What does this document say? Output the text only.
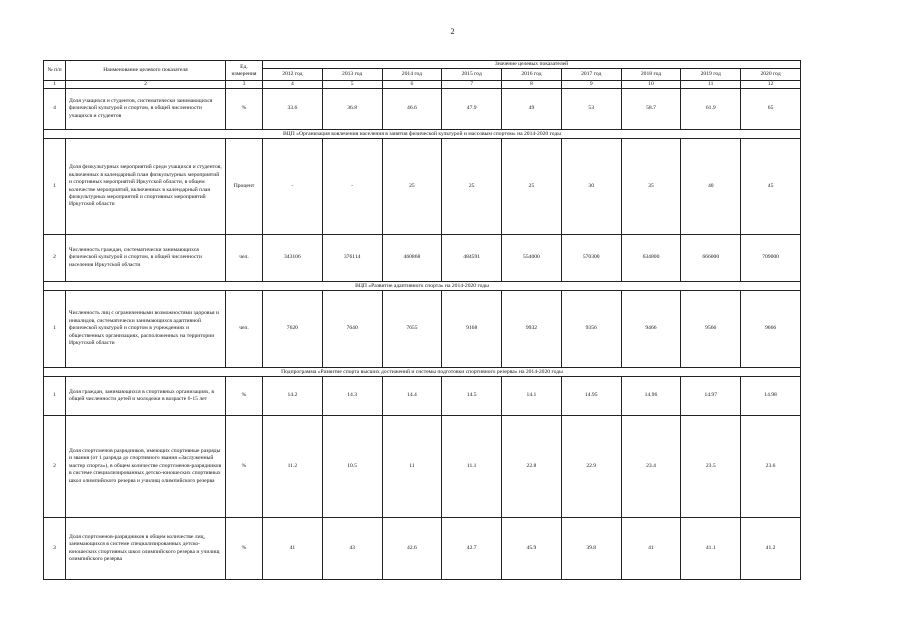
2
№ п/п	Наименование целевого показателя	Ед. измерения	Значение целевых показателей								
			2012 год	2013 год	2014 год	2015 год	2016 год	2017 год	2018 год	2019 год	2020 год
1	2	3	4	5	6	7	8	9	10	11	12
4	Доля учащихся и студентов, систематически занимающихся физической культурой и спортом, в общей численности учащихся и студентов	%	33.6	36.8	46.6	47.9	49	53	58.7	61.9	65
ВЦП «Организация вовлечения населения в занятия физической культурой и массовым спортом» на 2014-2020 годы											
1	Доля физкультурных мероприятий среди учащихся и студентов, включенных в календарный план физкультурных мероприятий и спортивных мероприятий Иркутской области, в общем количестве мероприятий, включенных в календарный план физкультурных мероприятий и спортивных мероприятий Иркутской области	Процент	-	-	25	25	25	30	35	40	45
2	Численность граждан, систематически занимающихся физической культурой и спортом, в общей численности населения Иркутской области	чел.	343106	376114	460868	484591	554000	570300	634800	666000	709000
ВЦП «Развитие адаптивного спорта» на 2014-2020 годы											
1	Численность лиц с ограниченными возможностями здоровья и инвалидов, систематически занимающихся адаптивной физической культурой и спортом в учреждениях и общественных организациях, расположенных на территории Иркутской области	чел.	7620	7640	7655	9168	9932	9356	9466	9566	9666
Подпрограмма «Развитие спорта высших достижений и системы подготовки спортивного резерва» на 2014-2020 годы											
1	Доля граждан, занимающихся в спортивных организациях, в общей численности детей и молодежи в возрасте 6-15 лет	%	14.2	14.3	14.4	14.5	14.1	14.95	14.96	14.97	14.98
2	Доля спортсменов разрядников, имеющих спортивные разряды и звания (от 1 разряда до спортивного звания «Заслуженный мастер спорта»), в общем количестве спортсменов-разрядников в системе специализированных детско-юношеских спортивных школ олимпийского резерва и училищ олимпийского резерва	%	11.2	10.5	11	11.1	22.8	22.9	23.4	23.5	23.6
3	Доля спортсменов-разрядников в общем количестве лиц, занимающихся в системе специализированных детско-юношеских спортивных школ олимпийского резерва и училищ олимпийского резерва	%	41	43	42.6	42.7	45.9	39.8	41	41.1	41.2
